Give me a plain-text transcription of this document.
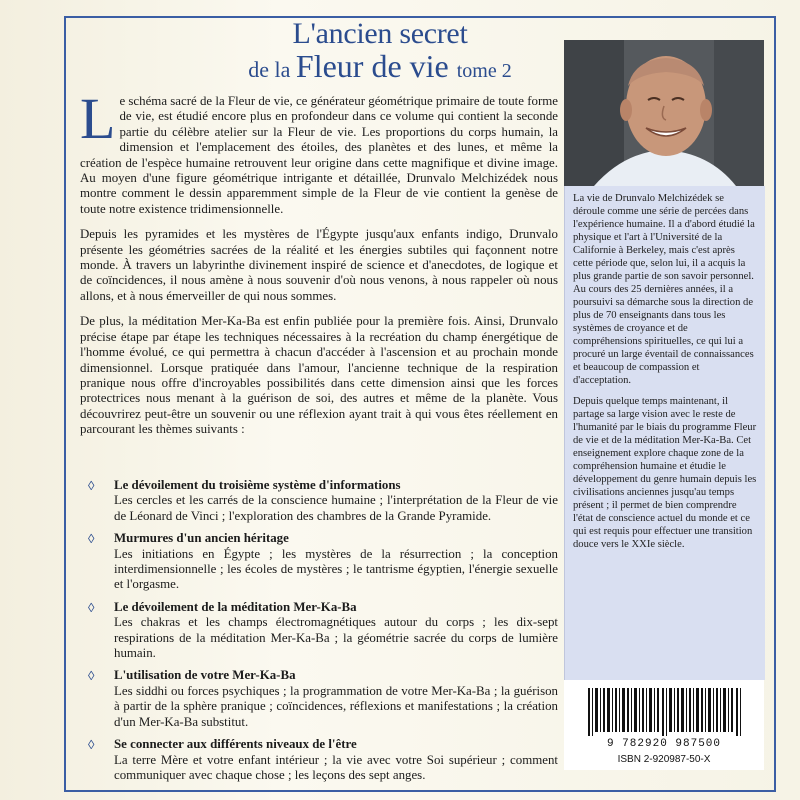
L'ancien secret
de la Fleur de vie tome 2

Le schéma sacré de la Fleur de vie, ce générateur géométrique primaire de toute forme de vie, est étudié encore plus en profondeur dans ce volume qui contient la seconde partie du célèbre atelier sur la Fleur de vie. Les proportions du corps humain, la dimension et l'emplacement des étoiles, des planètes et des lunes, et même la création de l'espèce humaine retrouvent leur origine dans cette magnifique et divine image. Au moyen d'une figure géométrique intrigante et détaillée, Drunvalo Melchizédek nous montre comment le dessin apparemment simple de la Fleur de vie contient la genèse de toute notre existence tridimensionnelle.

Depuis les pyramides et les mystères de l'Égypte jusqu'aux enfants indigo, Drunvalo présente les géométries sacrées de la réalité et les énergies subtiles qui façonnent notre monde. À travers un labyrinthe divinement inspiré de science et d'anecdotes, de logique et de coïncidences, il nous amène à nous souvenir d'où nous venons, à nous rappeler où nous allons, et à nous émerveiller de qui nous sommes.

De plus, la méditation Mer-Ka-Ba est enfin publiée pour la première fois. Ainsi, Drunvalo précise étape par étape les techniques nécessaires à la recréation du champ énergétique de l'homme évolué, ce qui permettra à chacun d'accéder à l'ascension et au prochain monde dimensionnel. Lorsque pratiquée dans l'amour, l'ancienne technique de la respiration pranique nous offre d'incroyables possibilités dans cette dimension ainsi que les forces protectrices nous menant à la guérison de soi, des autres et même de la planète. Vous découvrirez peut-être un souvenir ou une réflexion ayant trait à qui vous êtes réellement en parcourant les thèmes suivants :

◊ Le dévoilement du troisième système d'informations
Les cercles et les carrés de la conscience humaine ; l'interprétation de la Fleur de vie de Léonard de Vinci ; l'exploration des chambres de la Grande Pyramide.
◊ Murmures d'un ancien héritage
Les initiations en Égypte ; les mystères de la résurrection ; la conception interdimensionnelle ; les écoles de mystères ; le tantrisme égyptien, l'énergie sexuelle et l'orgasme.
◊ Le dévoilement de la méditation Mer-Ka-Ba
Les chakras et les champs électromagnétiques autour du corps ; les dix-sept respirations de la méditation Mer-Ka-Ba ; la géométrie sacrée du corps de lumière humain.
◊ L'utilisation de votre Mer-Ka-Ba
Les siddhi ou forces psychiques ; la programmation de votre Mer-Ka-Ba ; la guérison à partir de la sphère pranique ; coïncidences, réflexions et manifestations ; la création d'un Mer-Ka-Ba substitut.
◊ Se connecter aux différents niveaux de l'être
La terre Mère et votre enfant intérieur ; la vie avec votre Soi supérieur ; comment communiquer avec chaque chose ; les leçons des sept anges.

La vie de Drunvalo Melchizédek se déroule comme une série de percées dans l'expérience humaine. Il a d'abord étudié la physique et l'art à l'Université de la Californie à Berkeley, mais c'est après cette période que, selon lui, il a acquis la plus grande partie de son savoir personnel. Au cours des 25 dernières années, il a poursuivi sa démarche sous la direction de plus de 70 enseignants dans tous les systèmes de croyance et de compréhensions spirituelles, ce qui lui a procuré un large éventail de connaissances et beaucoup de compassion et d'acceptation.

Depuis quelque temps maintenant, il partage sa large vision avec le reste de l'humanité par le biais du programme Fleur de vie et de la méditation Mer-Ka-Ba. Cet enseignement explore chaque zone de la compréhension humaine et étudie le développement du genre humain depuis les civilisations anciennes jusqu'au temps présent ; il permet de bien comprendre l'état de conscience actuel du monde et ce qui est requis pour effectuer une transition douce vers le XXIe siècle.

9 782920 987500
ISBN 2-920987-50-X
